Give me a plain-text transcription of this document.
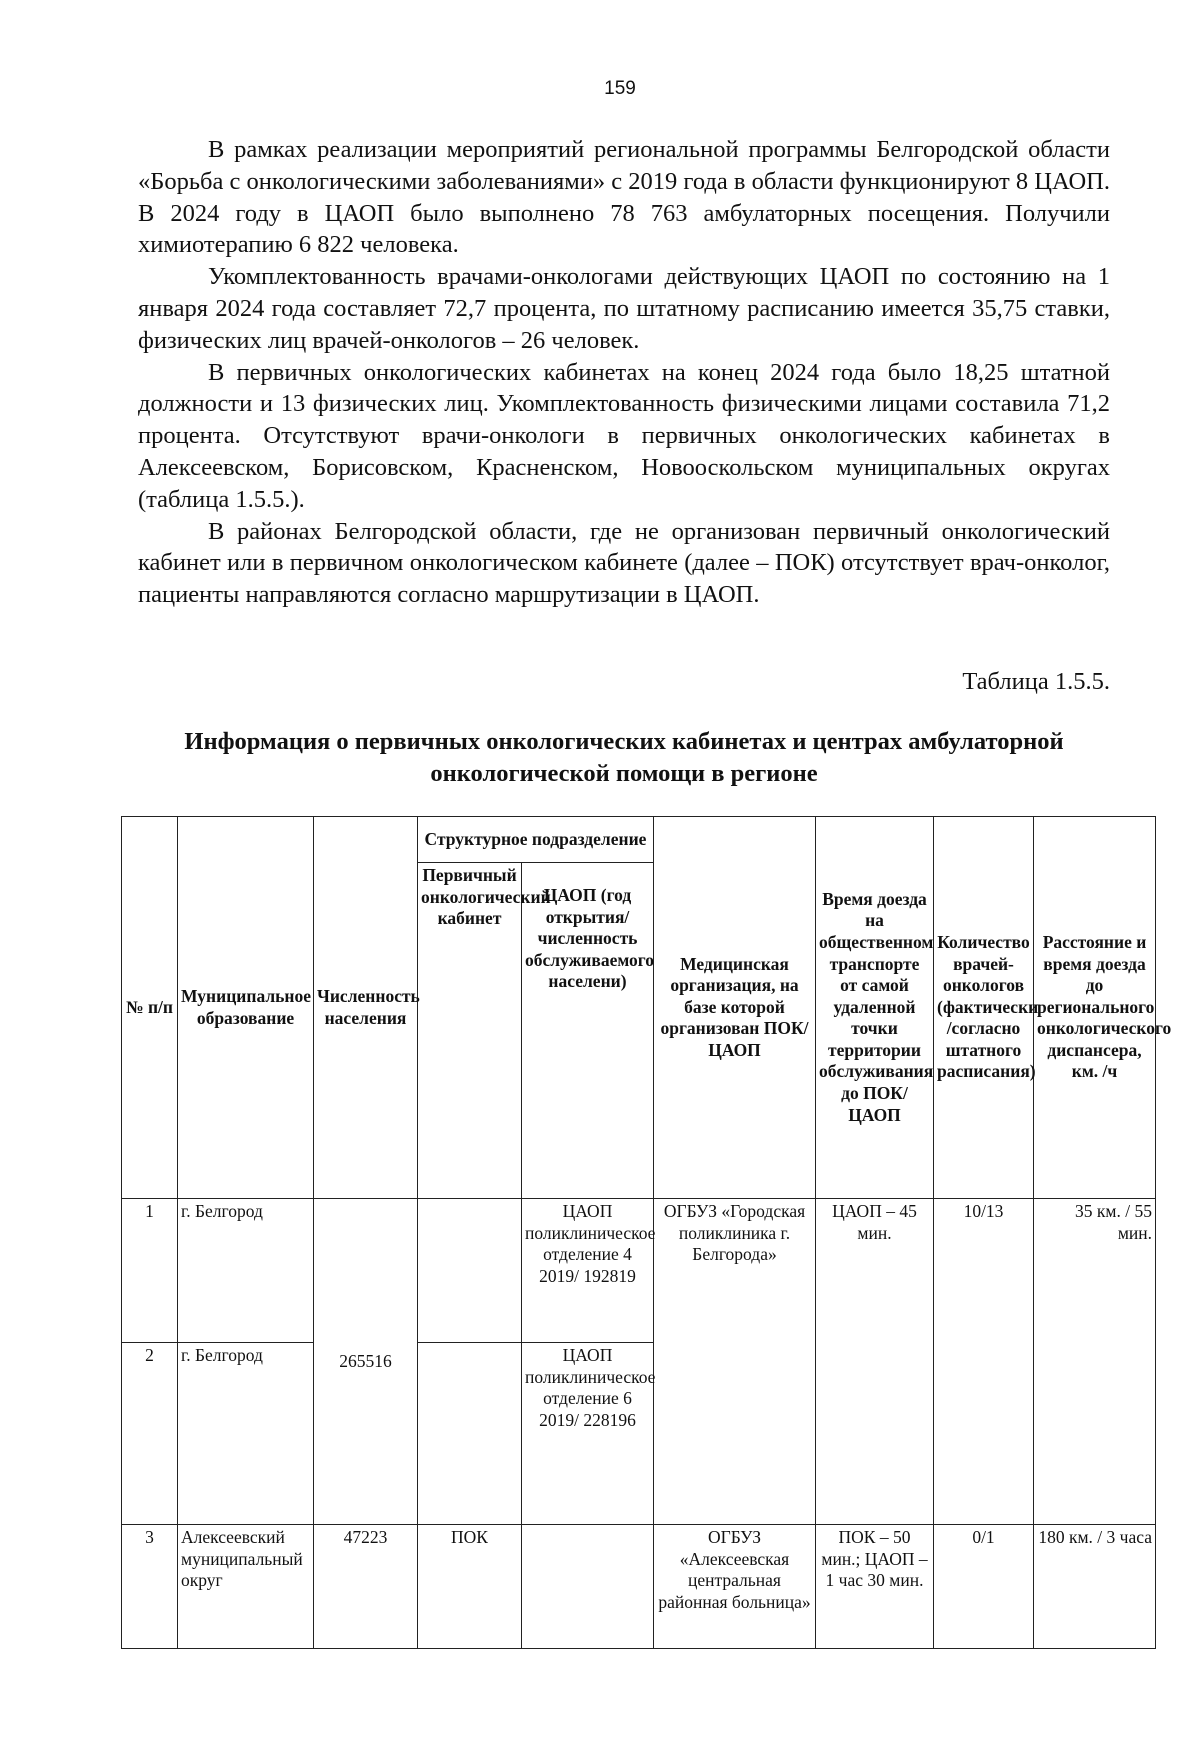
159

В рамках реализации мероприятий региональной программы Белгородской области «Борьба с онкологическими заболеваниями» с 2019 года в области функционируют 8 ЦАОП. В 2024 году в ЦАОП было выполнено 78 763 амбулаторных посещения. Получили химиотерапию 6 822 человека.

Укомплектованность врачами-онкологами действующих ЦАОП по состоянию на 1 января 2024 года составляет 72,7 процента, по штатному расписанию имеется 35,75 ставки, физических лиц врачей-онкологов – 26 человек.

В первичных онкологических кабинетах на конец 2024 года было 18,25 штатной должности и 13 физических лиц. Укомплектованность физическими лицами составила 71,2 процента. Отсутствуют врачи-онкологи в первичных онкологических кабинетах в Алексеевском, Борисовском, Красненском, Новооскольском муниципальных округах (таблица 1.5.5.).

В районах Белгородской области, где не организован первичный онкологический кабинет или в первичном онкологическом кабинете (далее – ПОК) отсутствует врач-онколог, пациенты направляются согласно маршрутизации в ЦАОП.

Таблица 1.5.5.
Информация о первичных онкологических кабинетах и центрах амбулаторной онкологической помощи в регионе
№ п/п	Муниципальное образование	Численность населения	Структурное подразделение		Медицинская организация, на базе которой организован ПОК/ЦАОП	Время доезда на общественном транспорте от самой удаленной точки территории обслуживания до ПОК/ ЦАОП	Количество врачей-онкологов (фактически /согласно штатного расписания)	Расстояние и время доезда до регионального онкологического диспансера, км. /ч
			Первичный онкологический кабинет	ЦАОП (год открытия/ численность обслуживаемого населени)				
1	г. Белгород	265516		ЦАОП поликлиническое отделение 4 2019/ 192819	ОГБУЗ «Городская поликлиника г. Белгорода»	ЦАОП – 45 мин.	10/13	35 км. / 55 мин.
2	г. Белгород			ЦАОП поликлиническое отделение 6 2019/ 228196				
3	Алексеевский муниципальный округ	47223	ПОК		ОГБУЗ «Алексеевская центральная районная больница»	ПОК – 50 мин.; ЦАОП – 1 час 30 мин.	0/1	180 км. / 3 часа
